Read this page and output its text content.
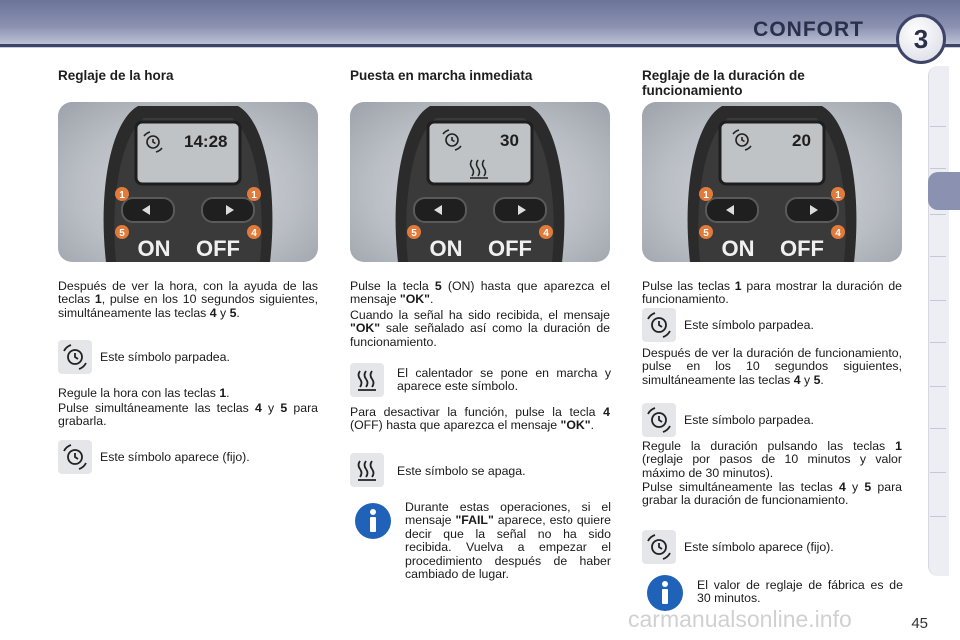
CONFORT	3
Reglaje de la hora
14:28
1	1
5	4
ON OFF

Después de ver la hora, con la ayuda de las teclas 1, pulse en los 10 segundos siguientes, simultáneamente las teclas 4 y 5.

Este símbolo parpadea.

Regule la hora con las teclas 1.

Pulse simultáneamente las teclas 4 y 5 para grabarla.

Este símbolo aparece (fijo).
Puesta en marcha inmediata
30
5	4
ON OFF

Pulse la tecla 5 (ON) hasta que aparezca el mensaje "OK".

Cuando la señal ha sido recibida, el mensaje "OK" sale señalado así como la duración de funcionamiento.

El calentador se pone en marcha y aparece este símbolo.

Para desactivar la función, pulse la tecla 4 (OFF) hasta que aparezca el mensaje "OK".

Este símbolo se apaga.

Durante estas operaciones, si el mensaje "FAIL" aparece, esto quiere decir que la señal no ha sido recibida. Vuelva a empezar el procedimiento después de haber cambiado de lugar.

Reglaje de la duración de funcionamiento
20
1	1
5	4
ON OFF

Pulse las teclas 1 para mostrar la duración de funcionamiento.

Este símbolo parpadea.

Después de ver la duración de funcionamiento, pulse en los 10 segundos siguientes, simultáneamente las teclas 4 y 5.

Este símbolo parpadea.

Regule la duración pulsando las teclas 1 (reglaje por pasos de 10 minutos y valor máximo de 30 minutos).

Pulse simultáneamente las teclas 4 y 5 para grabar la duración de funcionamiento.

Este símbolo aparece (fijo).

El valor de reglaje de fábrica es de 30 minutos.

carmanualsonline.info	45
